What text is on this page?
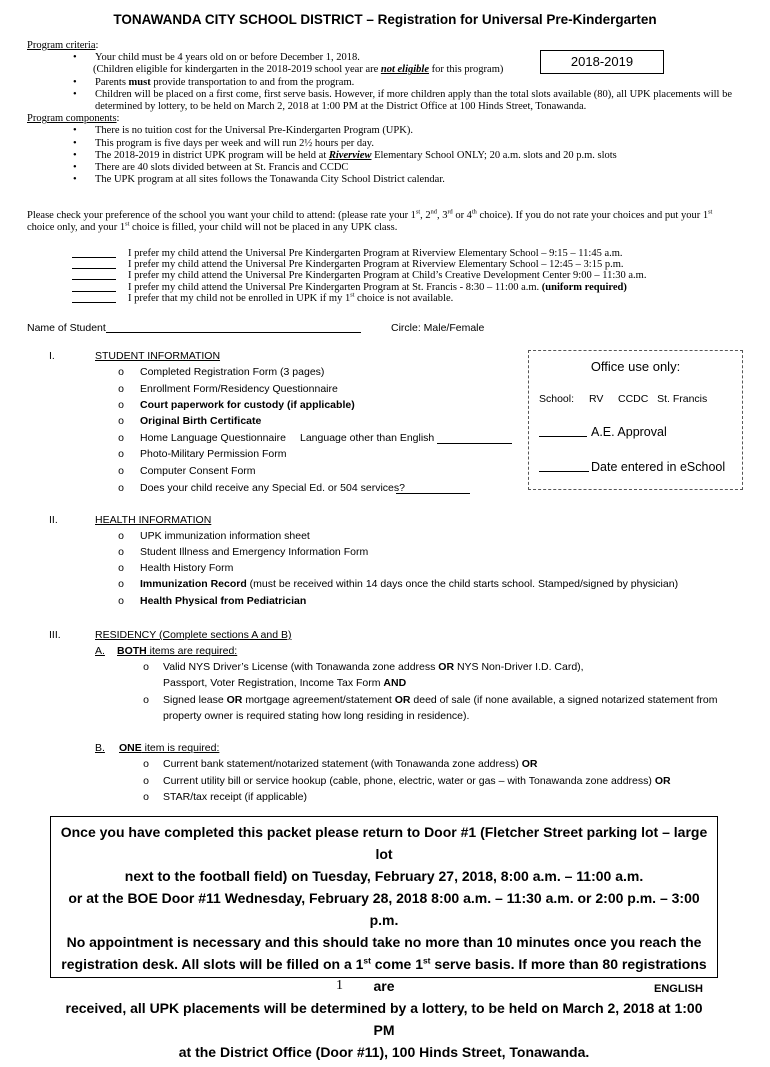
TONAWANDA CITY SCHOOL DISTRICT – Registration for Universal Pre-Kindergarten
2018-2019
Program criteria:
• Your child must be 4 years old on or before December 1, 2018.
(Children eligible for kindergarten in the 2018-2019 school year are not eligible for this program)
• Parents must provide transportation to and from the program.
• Children will be placed on a first come, first serve basis. However, if more children apply than the total slots available (80), all UPK placements will be
determined by lottery, to be held on March 2, 2018 at 1:00 PM at the District Office at 100 Hinds Street, Tonawanda.
Program components:
• There is no tuition cost for the Universal Pre-Kindergarten Program (UPK).
• This program is five days per week and will run 2½ hours per day.
• The 2018-2019 in district UPK program will be held at Riverview Elementary School ONLY; 20 a.m. slots and 20 p.m. slots
• There are 40 slots divided between at St. Francis and CCDC
• The UPK program at all sites follows the Tonawanda City School District calendar.
Please check your preference of the school you want your child to attend: (please rate your 1st, 2nd, 3rd or 4th choice). If you do not rate your choices and put your 1st
choice only, and your 1st choice is filled, your child will not be placed in any UPK class.
I prefer my child attend the Universal Pre Kindergarten Program at Riverview Elementary School – 9:15 – 11:45 a.m.
I prefer my child attend the Universal Pre Kindergarten Program at Riverview Elementary School – 12:45 – 3:15 p.m.
I prefer my child attend the Universal Pre Kindergarten Program at Child’s Creative Development Center 9:00 – 11:30 a.m.
I prefer my child attend the Universal Pre Kindergarten Program at St. Francis - 8:30 – 11:00 a.m. (uniform required)
I prefer that my child not be enrolled in UPK if my 1st choice is not available.
Name of Student	Circle: Male/Female
I.	STUDENT INFORMATION
o Completed Registration Form (3 pages)
o Enrollment Form/Residency Questionnaire
o Court paperwork for custody (if applicable)
o Original Birth Certificate
o Home Language Questionnaire Language other than English
o Photo-Military Permission Form
o Computer Consent Form
o Does your child receive any Special Ed. or 504 services?
Office use only:
School: RV     CCDC   St. Francis
A.E. Approval
Date entered in eSchool
II.	HEALTH INFORMATION
o UPK immunization information sheet
o Student Illness and Emergency Information Form
o Health History Form
o Immunization Record (must be received within 14 days once the child starts school. Stamped/signed by physician)
o Health Physical from Pediatrician
III.	RESIDENCY (Complete sections A and B)
A. BOTH items are required:
o Valid NYS Driver’s License (with Tonawanda zone address OR NYS Non-Driver I.D. Card),
Passport, Voter Registration, Income Tax Form AND
o Signed lease OR mortgage agreement/statement OR deed of sale (if none available, a signed notarized statement from
property owner is required stating how long residing in residence).
B. ONE item is required:
o Current bank statement/notarized statement (with Tonawanda zone address) OR
o Current utility bill or service hookup (cable, phone, electric, water or gas – with Tonawanda zone address) OR
o STAR/tax receipt (if applicable)
Once you have completed this packet please return to Door #1 (Fletcher Street parking lot – large lot
next to the football field) on Tuesday, February 27, 2018, 8:00 a.m. – 11:00 a.m.
or at the BOE Door #11 Wednesday, February 28, 2018 8:00 a.m. – 11:30 a.m. or 2:00 p.m. – 3:00 p.m.
No appointment is necessary and this should take no more than 10 minutes once you reach the
registration desk. All slots will be filled on a 1st come 1st serve basis. If more than 80 registrations are
received, all UPK placements will be determined by a lottery, to be held on March 2, 2018 at 1:00 PM
at the District Office (Door #11), 100 Hinds Street, Tonawanda.
1	ENGLISH
